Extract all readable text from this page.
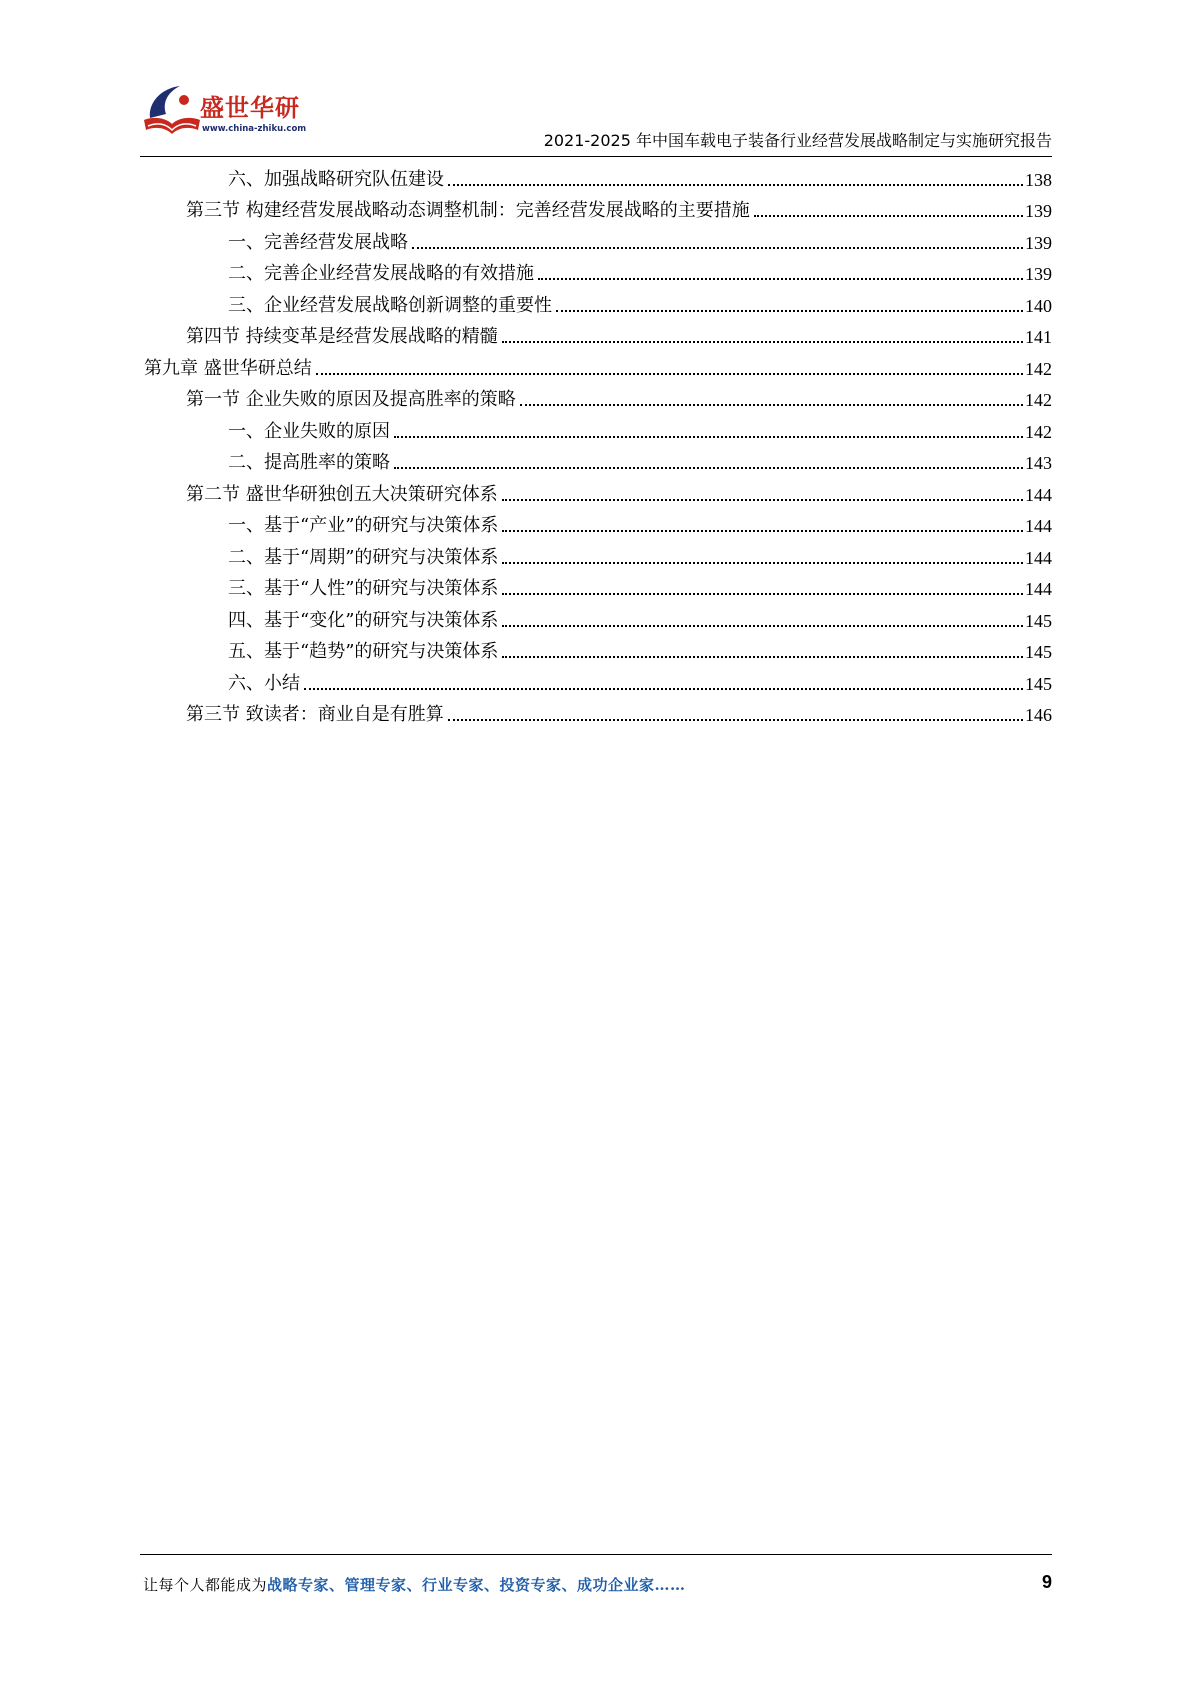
盛世华研
www.china-zhiku.com
2021-2025 年中国车载电子装备行业经营发展战略制定与实施研究报告
六、加强战略研究队伍建设	138
第三节 构建经营发展战略动态调整机制：完善经营发展战略的主要措施	139
一、完善经营发展战略	139
二、完善企业经营发展战略的有效措施	139
三、企业经营发展战略创新调整的重要性	140
第四节 持续变革是经营发展战略的精髓	141
第九章 盛世华研总结	142
第一节 企业失败的原因及提高胜率的策略	142
一、企业失败的原因	142
二、提高胜率的策略	143
第二节 盛世华研独创五大决策研究体系	144
一、基于“产业”的研究与决策体系	144
二、基于“周期”的研究与决策体系	144
三、基于“人性”的研究与决策体系	144
四、基于“变化”的研究与决策体系	145
五、基于“趋势”的研究与决策体系	145
六、小结	145
第三节 致读者：商业自是有胜算	146
让每个人都能成为战略专家、管理专家、行业专家、投资专家、成功企业家……	9
